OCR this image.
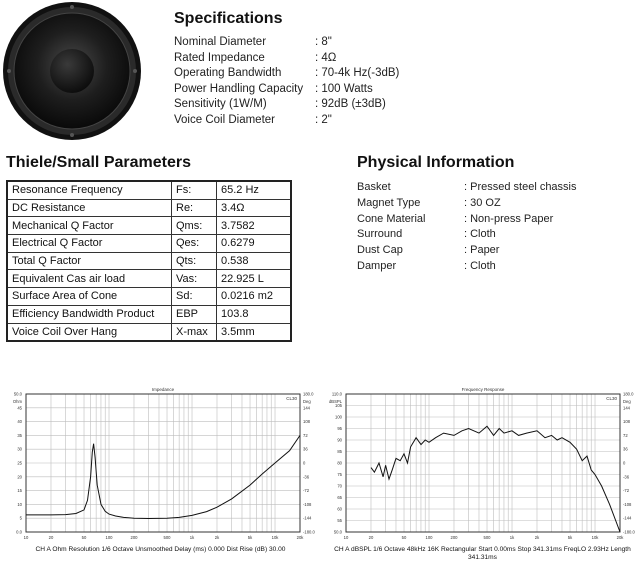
Specifications
Nominal Diameter	: 8"
Rated Impedance	: 4Ω
Operating Bandwidth	: 70-4k Hz(-3dB)
Power Handling Capacity	: 100 Watts
Sensitivity (1W/M)	: 92dB (±3dB)
Voice Coil Diameter	: 2"
Thiele/Small Parameters
Resonance Frequency	Fs:	65.2 Hz
DC Resistance	Re:	3.4Ω
Mechanical Q Factor	Qms:	3.7582
Electrical Q Factor	Qes:	0.6279
Total Q Factor	Qts:	0.538
Equivalent Cas air load	Vas:	22.925 L
Surface Area of Cone	Sd:	0.0216 m2
Efficiency Bandwidth Product	EBP	103.8
Voice Coil Over Hang	X-max	3.5mm
Physical Information
Basket	: Pressed steel chassis
Magnet Type	: 30 OZ
Cone Material	: Non-press Paper
Surround	: Cloth
Dust Cap	: Paper
Damper	: Cloth
Impedance
CL30
Ohm	Deg
50.0
45
40
35
30
25
20
15
10
5
0.0
180.0
144
108
72
36
0
-36
-72
-108
-144
-180.0
10	20	50	100	200	500	1k	2k	5k	10k	20k
Frequency Response
CL30
dBSPL	Deg
110.0
105
100
95
90
85
80
75
70
65
60
55
50.0
180.0
144
108
72
36
0
-36
-72
-108
-144
-180.0
10	20	50	100	200	500	1k	2k	5k	10k	20k
CH A Ohm Resolution 1/6 Octave Unsmoothed Delay (ms) 0.000 Dist Rise (dB) 30.00	CH A dBSPL 1/6 Octave 48kHz 16K Rectangular Start 0.00ms Stop 341.31ms FreqLO 2.93Hz Length 341.31ms
